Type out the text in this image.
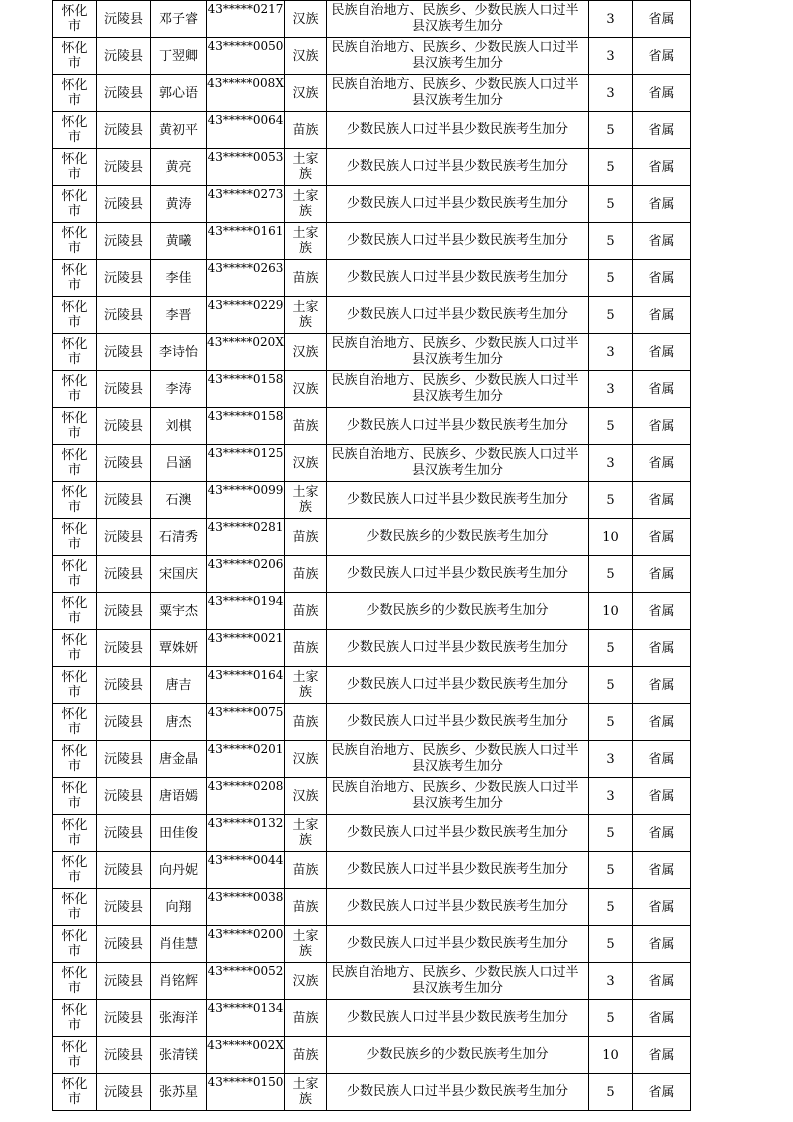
怀化市	沅陵县	邓子睿	43*****0217	汉族	民族自治地方、民族乡、少数民族人口过半县汉族考生加分	3	省属
怀化市	沅陵县	丁翌卿	43*****0050	汉族	民族自治地方、民族乡、少数民族人口过半县汉族考生加分	3	省属
怀化市	沅陵县	郭心语	43*****008X	汉族	民族自治地方、民族乡、少数民族人口过半县汉族考生加分	3	省属
怀化市	沅陵县	黄初平	43*****0064	苗族	少数民族人口过半县少数民族考生加分	5	省属
怀化市	沅陵县	黄亮	43*****0053	土家族	少数民族人口过半县少数民族考生加分	5	省属
怀化市	沅陵县	黄涛	43*****0273	土家族	少数民族人口过半县少数民族考生加分	5	省属
怀化市	沅陵县	黄曦	43*****0161	土家族	少数民族人口过半县少数民族考生加分	5	省属
怀化市	沅陵县	李佳	43*****0263	苗族	少数民族人口过半县少数民族考生加分	5	省属
怀化市	沅陵县	李晋	43*****0229	土家族	少数民族人口过半县少数民族考生加分	5	省属
怀化市	沅陵县	李诗怡	43*****020X	汉族	民族自治地方、民族乡、少数民族人口过半县汉族考生加分	3	省属
怀化市	沅陵县	李涛	43*****0158	汉族	民族自治地方、民族乡、少数民族人口过半县汉族考生加分	3	省属
怀化市	沅陵县	刘棋	43*****0158	苗族	少数民族人口过半县少数民族考生加分	5	省属
怀化市	沅陵县	吕涵	43*****0125	汉族	民族自治地方、民族乡、少数民族人口过半县汉族考生加分	3	省属
怀化市	沅陵县	石澳	43*****0099	土家族	少数民族人口过半县少数民族考生加分	5	省属
怀化市	沅陵县	石清秀	43*****0281	苗族	少数民族乡的少数民族考生加分	10	省属
怀化市	沅陵县	宋国庆	43*****0206	苗族	少数民族人口过半县少数民族考生加分	5	省属
怀化市	沅陵县	粟宇杰	43*****0194	苗族	少数民族乡的少数民族考生加分	10	省属
怀化市	沅陵县	覃姝妍	43*****0021	苗族	少数民族人口过半县少数民族考生加分	5	省属
怀化市	沅陵县	唐吉	43*****0164	土家族	少数民族人口过半县少数民族考生加分	5	省属
怀化市	沅陵县	唐杰	43*****0075	苗族	少数民族人口过半县少数民族考生加分	5	省属
怀化市	沅陵县	唐金晶	43*****0201	汉族	民族自治地方、民族乡、少数民族人口过半县汉族考生加分	3	省属
怀化市	沅陵县	唐语嫣	43*****0208	汉族	民族自治地方、民族乡、少数民族人口过半县汉族考生加分	3	省属
怀化市	沅陵县	田佳俊	43*****0132	土家族	少数民族人口过半县少数民族考生加分	5	省属
怀化市	沅陵县	向丹妮	43*****0044	苗族	少数民族人口过半县少数民族考生加分	5	省属
怀化市	沅陵县	向翔	43*****0038	苗族	少数民族人口过半县少数民族考生加分	5	省属
怀化市	沅陵县	肖佳慧	43*****0200	土家族	少数民族人口过半县少数民族考生加分	5	省属
怀化市	沅陵县	肖铭辉	43*****0052	汉族	民族自治地方、民族乡、少数民族人口过半县汉族考生加分	3	省属
怀化市	沅陵县	张海洋	43*****0134	苗族	少数民族人口过半县少数民族考生加分	5	省属
怀化市	沅陵县	张清镁	43*****002X	苗族	少数民族乡的少数民族考生加分	10	省属
怀化市	沅陵县	张苏星	43*****0150	土家族	少数民族人口过半县少数民族考生加分	5	省属
